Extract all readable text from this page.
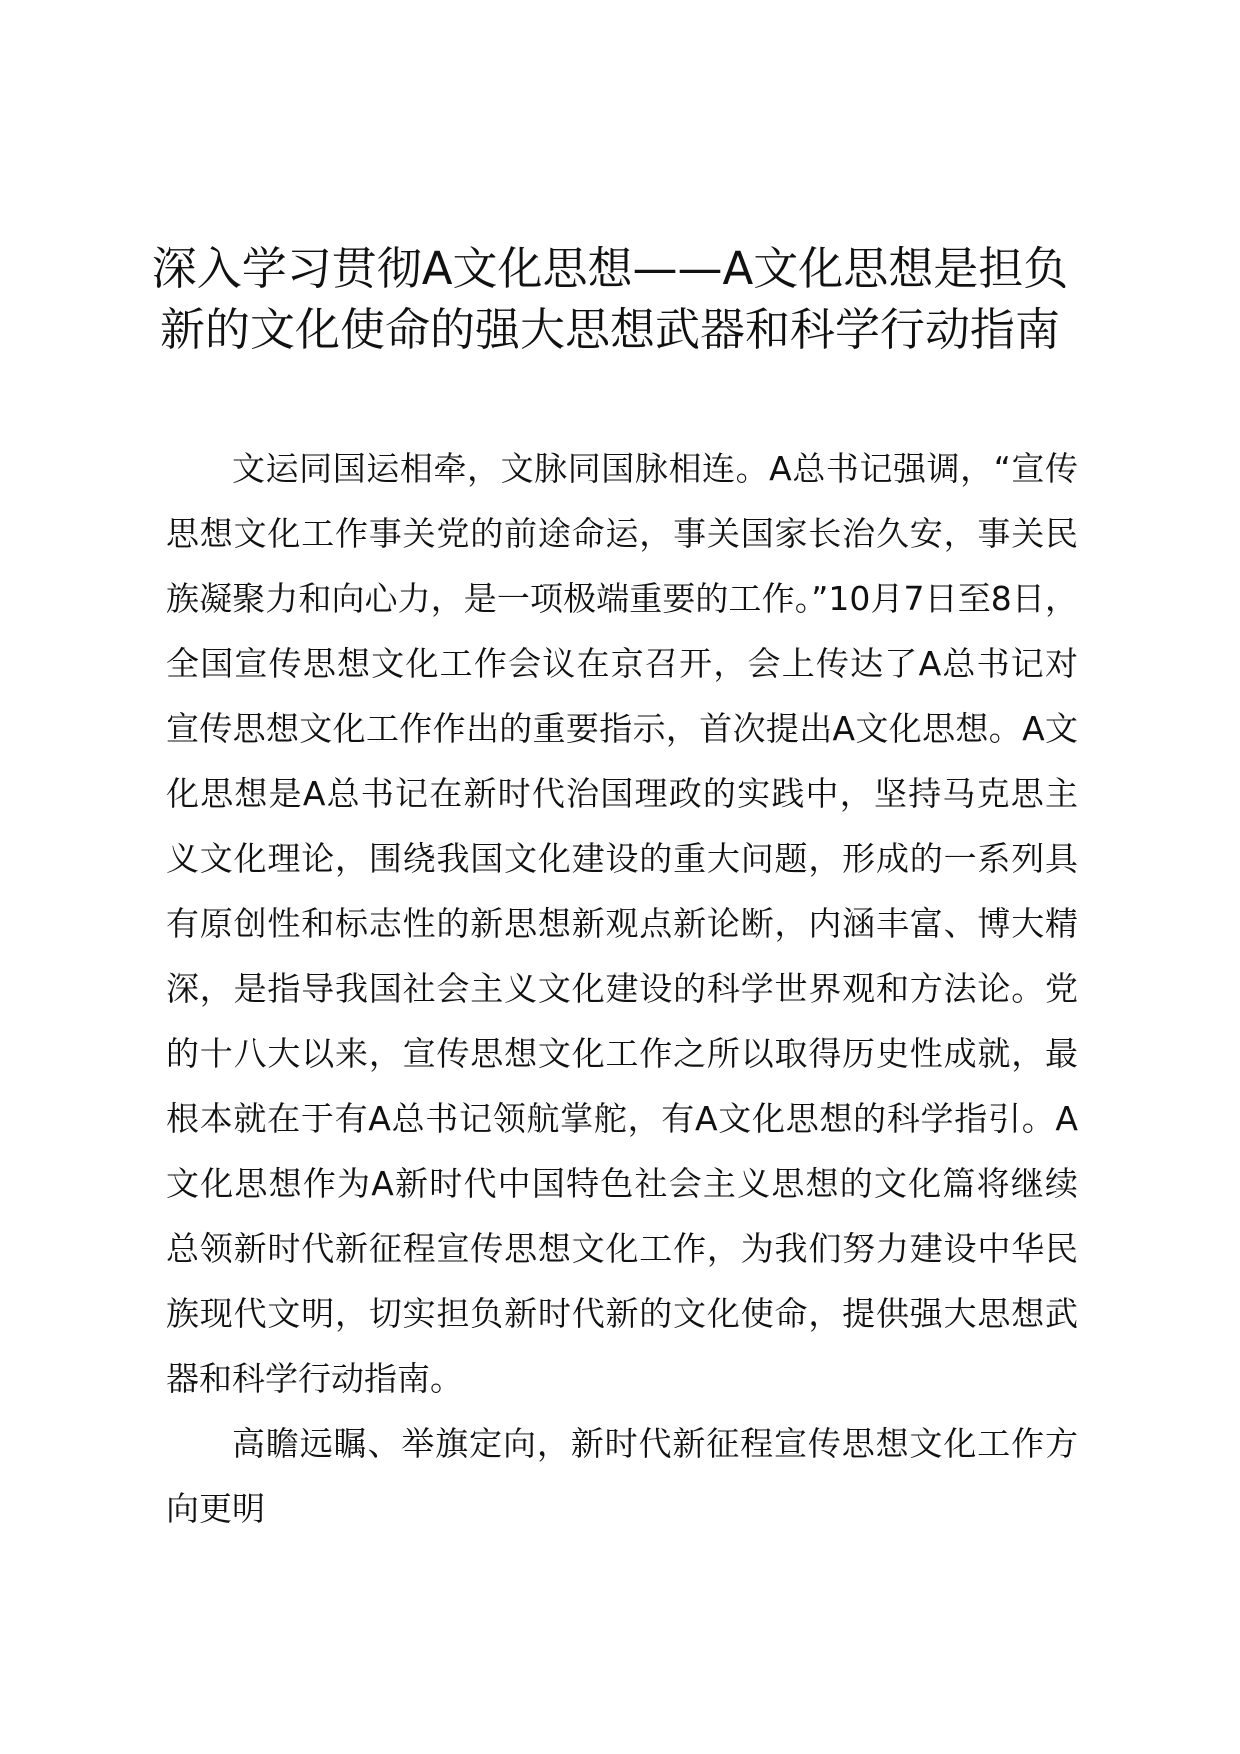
深入学习贯彻A文化思想——A文化思想是担负新的文化使命的强大思想武器和科学行动指南

文运同国运相牵，文脉同国脉相连。A总书记强调，“宣传思想文化工作事关党的前途命运，事关国家长治久安，事关民族凝聚力和向心力，是一项极端重要的工作。”10月7日至8日，全国宣传思想文化工作会议在京召开，会上传达了A总书记对宣传思想文化工作作出的重要指示，首次提出A文化思想。A文化思想是A总书记在新时代治国理政的实践中，坚持马克思主义文化理论，围绕我国文化建设的重大问题，形成的一系列具有原创性和标志性的新思想新观点新论断，内涵丰富、博大精深，是指导我国社会主义文化建设的科学世界观和方法论。党的十八大以来，宣传思想文化工作之所以取得历史性成就，最根本就在于有A总书记领航掌舵，有A文化思想的科学指引。A文化思想作为A新时代中国特色社会主义思想的文化篇将继续总领新时代新征程宣传思想文化工作，为我们努力建设中华民族现代文明，切实担负新时代新的文化使命，提供强大思想武器和科学行动指南。

高瞻远瞩、举旗定向，新时代新征程宣传思想文化工作方向更明
